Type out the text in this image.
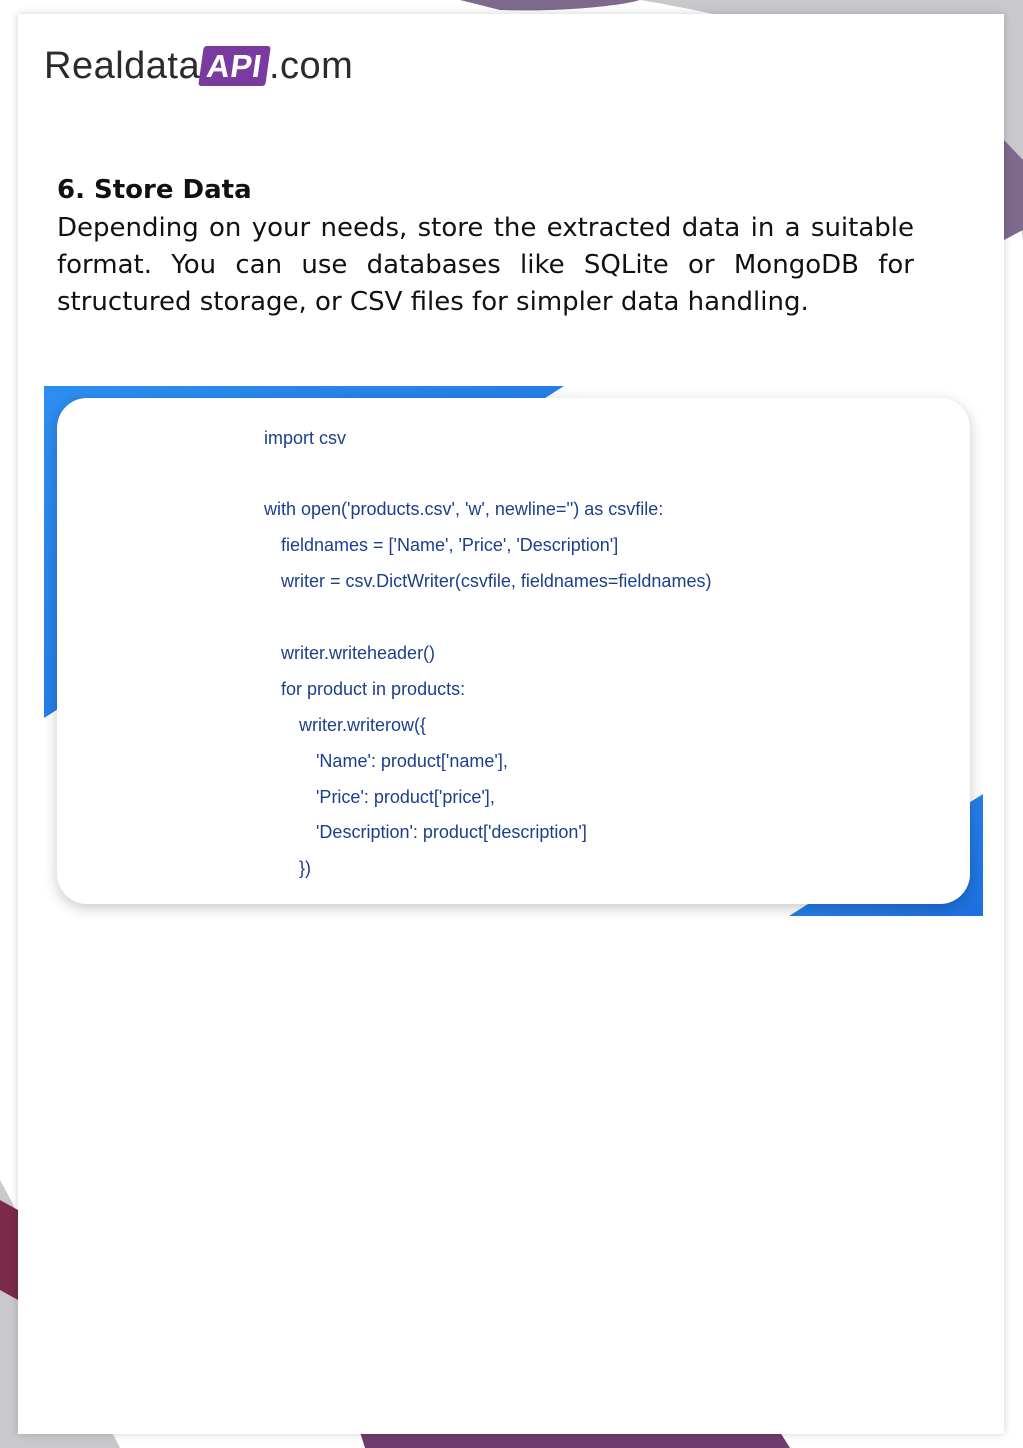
Realdata API .com
6. Store Data
Depending on your needs, store the extracted data in a suitable format. You can use databases like SQLite or MongoDB for structured storage, or CSV files for simpler data handling.
import csv
with open('products.csv', 'w', newline='') as csvfile:
fieldnames = ['Name', 'Price', 'Description']
writer = csv.DictWriter(csvfile, fieldnames=fieldnames)
writer.writeheader()
for product in products:
writer.writerow({
'Name': product['name'],
'Price': product['price'],
'Description': product['description']
})
